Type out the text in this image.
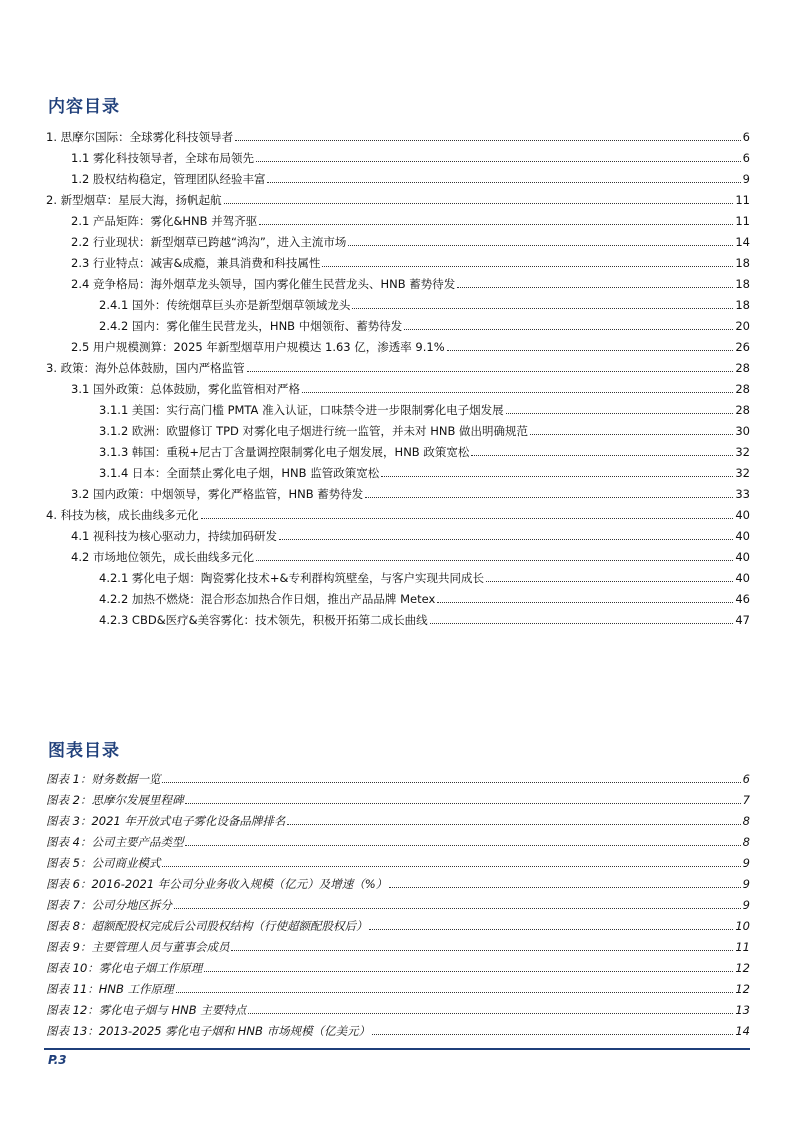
内容目录
1. 思摩尔国际：全球雾化科技领导者	6
1.1 雾化科技领导者，全球布局领先	6
1.2 股权结构稳定，管理团队经验丰富	9
2. 新型烟草：星辰大海，扬帆起航	11
2.1 产品矩阵：雾化&HNB 并驾齐驱	11
2.2 行业现状：新型烟草已跨越“鸿沟”，进入主流市场	14
2.3 行业特点：减害&成瘾，兼具消费和科技属性	18
2.4 竞争格局：海外烟草龙头领导，国内雾化催生民营龙头、HNB 蓄势待发	18
2.4.1 国外：传统烟草巨头亦是新型烟草领域龙头	18
2.4.2 国内：雾化催生民营龙头，HNB 中烟领衔、蓄势待发	20
2.5 用户规模测算：2025 年新型烟草用户规模达 1.63 亿，渗透率 9.1%	26
3. 政策：海外总体鼓励，国内严格监管	28
3.1 国外政策：总体鼓励，雾化监管相对严格	28
3.1.1 美国：实行高门槛 PMTA 准入认证，口味禁令进一步限制雾化电子烟发展	28
3.1.2 欧洲：欧盟修订 TPD 对雾化电子烟进行统一监管，并未对 HNB 做出明确规范	30
3.1.3 韩国：重税+尼古丁含量调控限制雾化电子烟发展，HNB 政策宽松	32
3.1.4 日本：全面禁止雾化电子烟，HNB 监管政策宽松	32
3.2 国内政策：中烟领导，雾化严格监管，HNB 蓄势待发	33
4. 科技为核，成长曲线多元化	40
4.1 视科技为核心驱动力，持续加码研发	40
4.2 市场地位领先，成长曲线多元化	40
4.2.1 雾化电子烟：陶瓷雾化技术+&专利群构筑壁垒，与客户实现共同成长	40
4.2.2 加热不燃烧：混合形态加热合作日烟，推出产品品牌 Metex	46
4.2.3 CBD&医疗&美容雾化：技术领先，积极开拓第二成长曲线	47
图表目录
图表 1：财务数据一览	6
图表 2：思摩尔发展里程碑	7
图表 3：2021 年开放式电子雾化设备品牌排名	8
图表 4：公司主要产品类型	8
图表 5：公司商业模式	9
图表 6：2016-2021 年公司分业务收入规模（亿元）及增速（%）	9
图表 7：公司分地区拆分	9
图表 8：超额配股权完成后公司股权结构（行使超额配股权后）	10
图表 9：主要管理人员与董事会成员	11
图表 10：雾化电子烟工作原理	12
图表 11：HNB 工作原理	12
图表 12：雾化电子烟与 HNB 主要特点	13
图表 13：2013-2025 雾化电子烟和 HNB 市场规模（亿美元）	14
P.3
